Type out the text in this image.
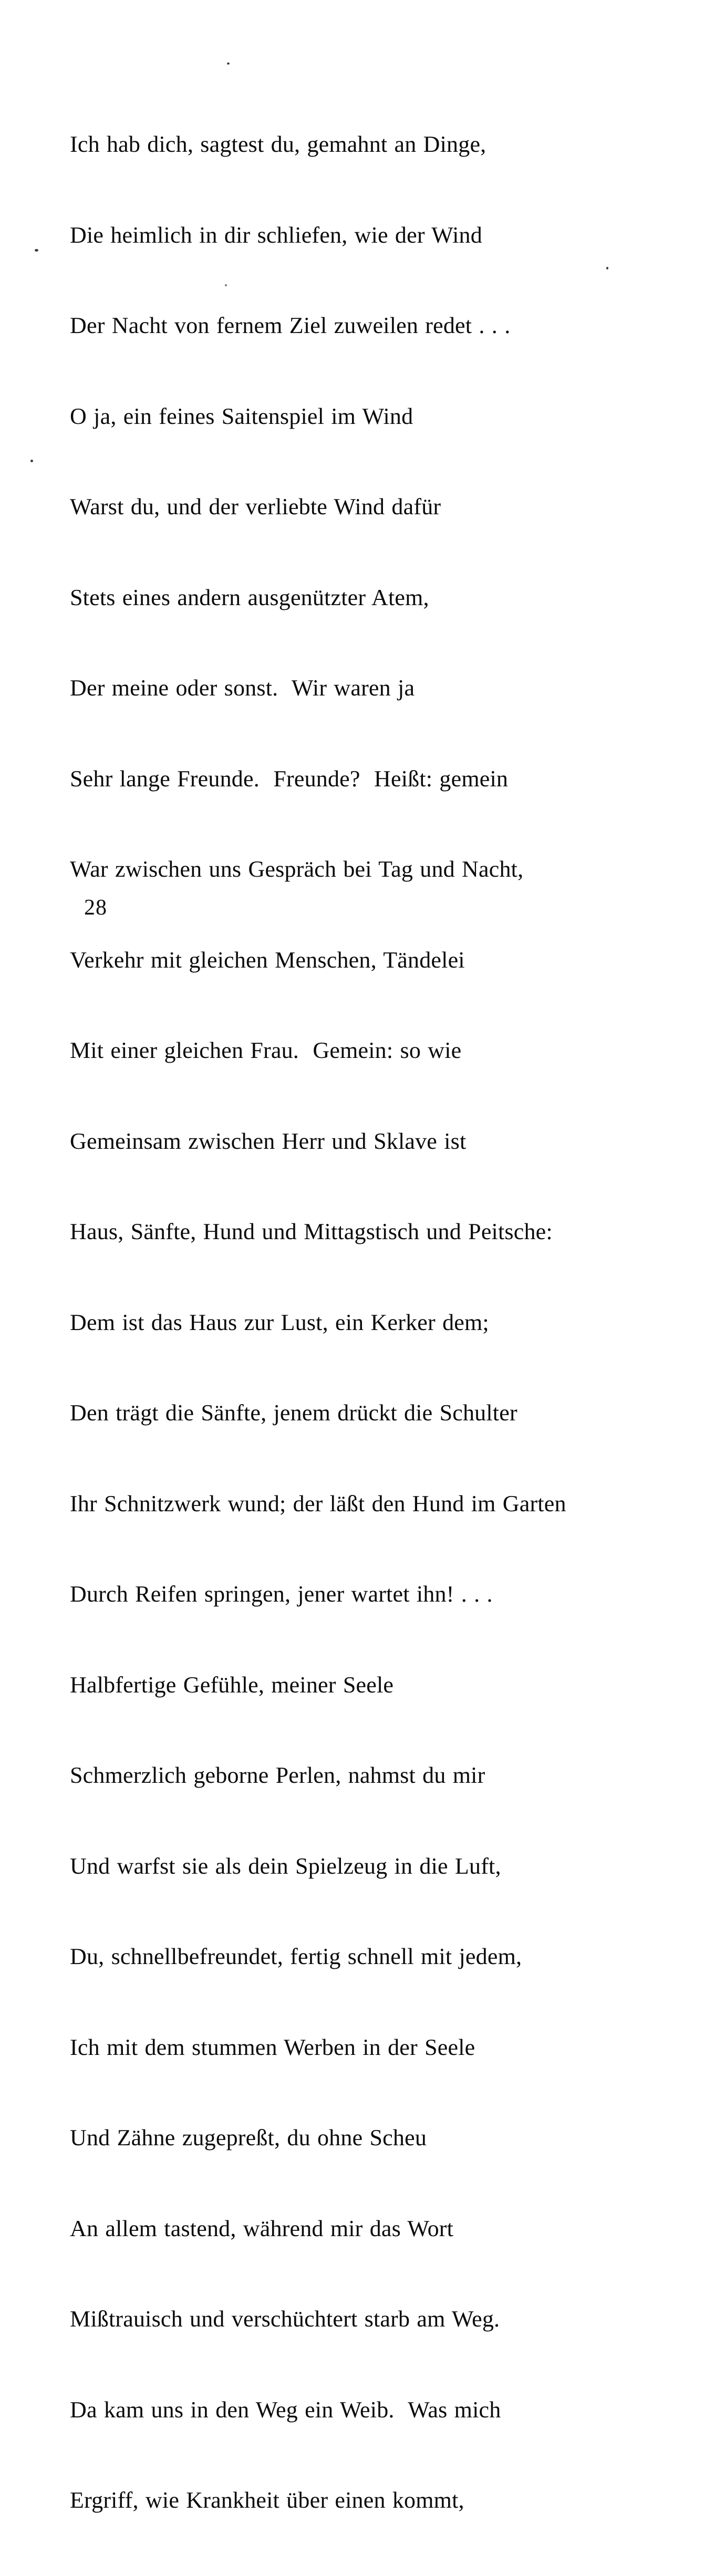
Ich hab dich, sagtest du, gemahnt an Dinge,

Die heimlich in dir schliefen, wie der Wind

Der Nacht von fernem Ziel zuweilen redet . . .

O ja, ein feines Saitenspiel im Wind

Warst du, und der verliebte Wind dafür

Stets eines andern ausgenützter Atem,

Der meine oder sonst.  Wir waren ja

Sehr lange Freunde.  Freunde?  Heißt: gemein

War zwischen uns Gespräch bei Tag und Nacht,

Verkehr mit gleichen Menschen, Tändelei

Mit einer gleichen Frau.  Gemein: so wie

Gemeinsam zwischen Herr und Sklave ist

Haus, Sänfte, Hund und Mittagstisch und Peitsche:

Dem ist das Haus zur Lust, ein Kerker dem;

Den trägt die Sänfte, jenem drückt die Schulter

Ihr Schnitzwerk wund; der läßt den Hund im Garten

Durch Reifen springen, jener wartet ihn! . . .

Halbfertige Gefühle, meiner Seele

Schmerzlich geborne Perlen, nahmst du mir

Und warfst sie als dein Spielzeug in die Luft,

Du, schnellbefreundet, fertig schnell mit jedem,

Ich mit dem stummen Werben in der Seele

Und Zähne zugepreßt, du ohne Scheu

An allem tastend, während mir das Wort

Mißtrauisch und verschüchtert starb am Weg.

Da kam uns in den Weg ein Weib.  Was mich

Ergriff, wie Krankheit über einen kommt,

28
